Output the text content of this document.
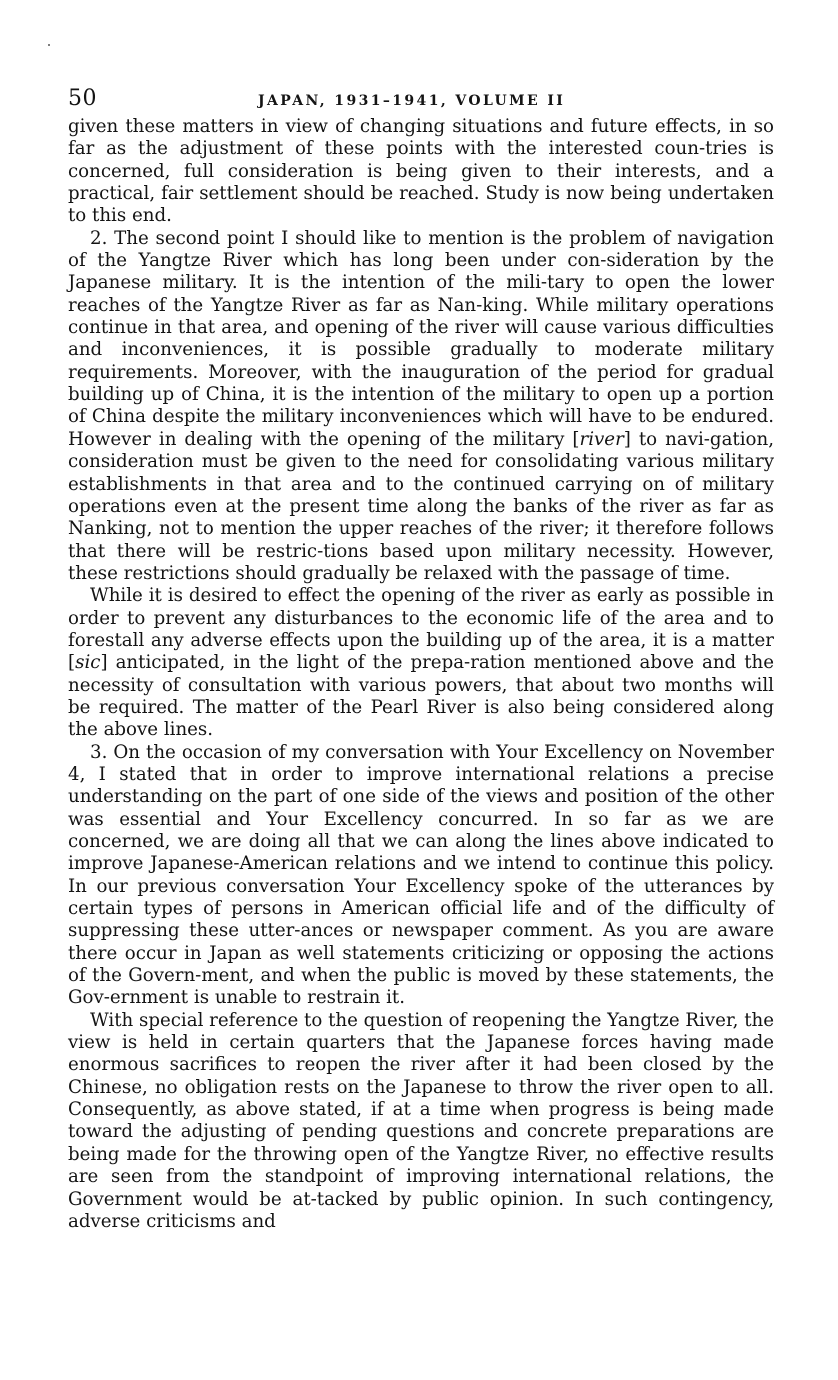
50	JAPAN, 1931–1941, VOLUME II

given these matters in view of changing situations and future effects, in so far as the adjustment of these points with the interested coun-tries is concerned, full consideration is being given to their interests, and a practical, fair settlement should be reached. Study is now being undertaken to this end.

2. The second point I should like to mention is the problem of navigation of the Yangtze River which has long been under con-sideration by the Japanese military. It is the intention of the mili-tary to open the lower reaches of the Yangtze River as far as Nan-king. While military operations continue in that area, and opening of the river will cause various difficulties and inconveniences, it is possible gradually to moderate military requirements. Moreover, with the inauguration of the period for gradual building up of China, it is the intention of the military to open up a portion of China despite the military inconveniences which will have to be endured. However in dealing with the opening of the military [river] to navi-gation, consideration must be given to the need for consolidating various military establishments in that area and to the continued carrying on of military operations even at the present time along the banks of the river as far as Nanking, not to mention the upper reaches of the river; it therefore follows that there will be restric-tions based upon military necessity. However, these restrictions should gradually be relaxed with the passage of time.

While it is desired to effect the opening of the river as early as possible in order to prevent any disturbances to the economic life of the area and to forestall any adverse effects upon the building up of the area, it is a matter [sic] anticipated, in the light of the prepa-ration mentioned above and the necessity of consultation with various powers, that about two months will be required. The matter of the Pearl River is also being considered along the above lines.

3. On the occasion of my conversation with Your Excellency on November 4, I stated that in order to improve international relations a precise understanding on the part of one side of the views and position of the other was essential and Your Excellency concurred. In so far as we are concerned, we are doing all that we can along the lines above indicated to improve Japanese-American relations and we intend to continue this policy. In our previous conversation Your Excellency spoke of the utterances by certain types of persons in American official life and of the difficulty of suppressing these utter-ances or newspaper comment. As you are aware there occur in Japan as well statements criticizing or opposing the actions of the Govern-ment, and when the public is moved by these statements, the Gov-ernment is unable to restrain it.

With special reference to the question of reopening the Yangtze River, the view is held in certain quarters that the Japanese forces having made enormous sacrifices to reopen the river after it had been closed by the Chinese, no obligation rests on the Japanese to throw the river open to all. Consequently, as above stated, if at a time when progress is being made toward the adjusting of pending questions and concrete preparations are being made for the throwing open of the Yangtze River, no effective results are seen from the standpoint of improving international relations, the Government would be at-tacked by public opinion. In such contingency, adverse criticisms and
